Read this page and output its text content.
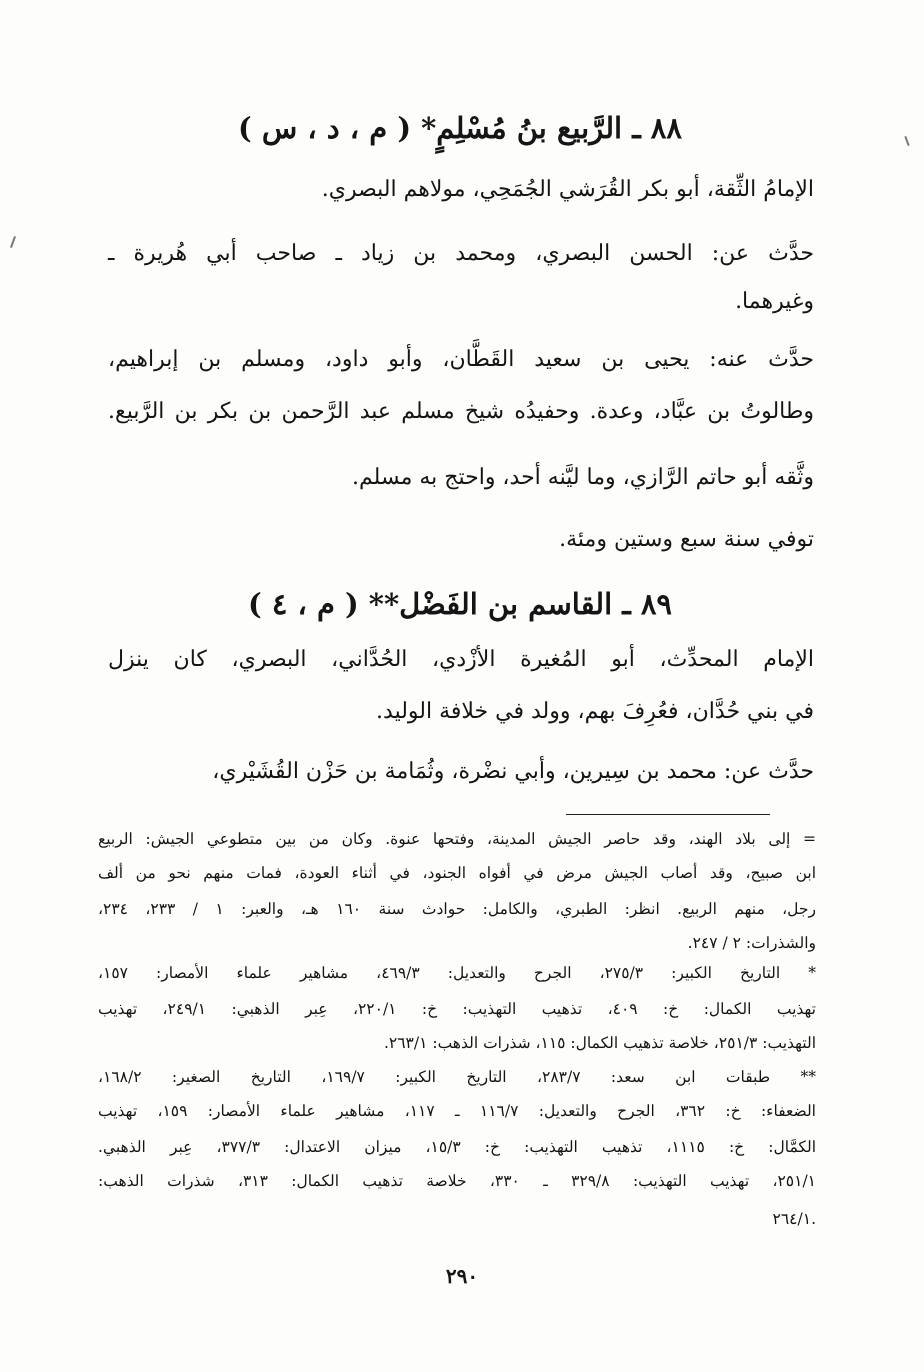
٨٨ ـ الرَّبيع بنُ مُسْلِمٍ* ( م ، د ، س )
الإمامُ الثِّقة، أبو بكر القُرَشي الجُمَحِي، مولاهم البصري.
حدَّث عن: الحسن البصري، ومحمد بن زياد ـ صاحب أبي هُريرة ـ
وغيرهما.
حدَّث عنه: يحيى بن سعيد القَطَّان، وأبو داود، ومسلم بن إبراهيم،
وطالوتُ بن عبَّاد، وعدة. وحفيدُه شيخ مسلم عبد الرَّحمن بن بكر بن الرَّبيع.
وثَّقه أبو حاتم الرَّازي، وما ليَّنه أحد، واحتج به مسلم.
توفي سنة سبع وستين ومئة.
٨٩ ـ القاسم بن الفَضْل** ( م ، ٤ )
الإمام المحدِّث، أبو المُغيرة الأزْدي، الحُدَّاني، البصري، كان ينزل
في بني حُدَّان، فعُرِفَ بهم، وولد في خلافة الوليد.
حدَّث عن: محمد بن سِيرين، وأبي نضْرة، وثُمَامة بن حَزْن القُشَيْري،
= إلى بلاد الهند، وقد حاصر الجيش المدينة، وفتحها عنوة. وكان من بين متطوعي الجيش: الربيع
ابن صبيح، وقد أصاب الجيش مرض في أفواه الجنود، في أثناء العودة، فمات منهم نحو من ألف
رجل، منهم الربيع. انظر: الطبري، والكامل: حوادث سنة ١٦٠ هـ، والعبر: ١ / ٢٣٣، ٢٣٤،
والشذرات: ٢ / ٢٤٧.
* التاريخ الكبير: ٢٧٥/٣، الجرح والتعديل: ٤٦٩/٣، مشاهير علماء الأمصار: ١٥٧،
تهذيب الكمال: خ: ٤٠٩، تذهيب التهذيب: خ: ٢٢٠/١، عِبر الذهبي: ٢٤٩/١، تهذيب
التهذيب: ٢٥١/٣، خلاصة تذهيب الكمال: ١١٥، شذرات الذهب: ٢٦٣/١.
** طبقات ابن سعد: ٢٨٣/٧، التاريخ الكبير: ١٦٩/٧، التاريخ الصغير: ١٦٨/٢،
الضعفاء: خ: ٣٦٢، الجرح والتعديل: ١١٦/٧ ـ ١١٧، مشاهير علماء الأمصار: ١٥٩، تهذيب
الكمَّال: خ: ١١١٥، تذهيب التهذيب: خ: ١٥/٣، ميزان الاعتدال: ٣٧٧/٣، عِبر الذهبي.
٢٥١/١، تهذيب التهذيب: ٣٢٩/٨ ـ ٣٣٠، خلاصة تذهيب الكمال: ٣١٣، شذرات الذهب:
٢٦٤/١.
٢٩٠
